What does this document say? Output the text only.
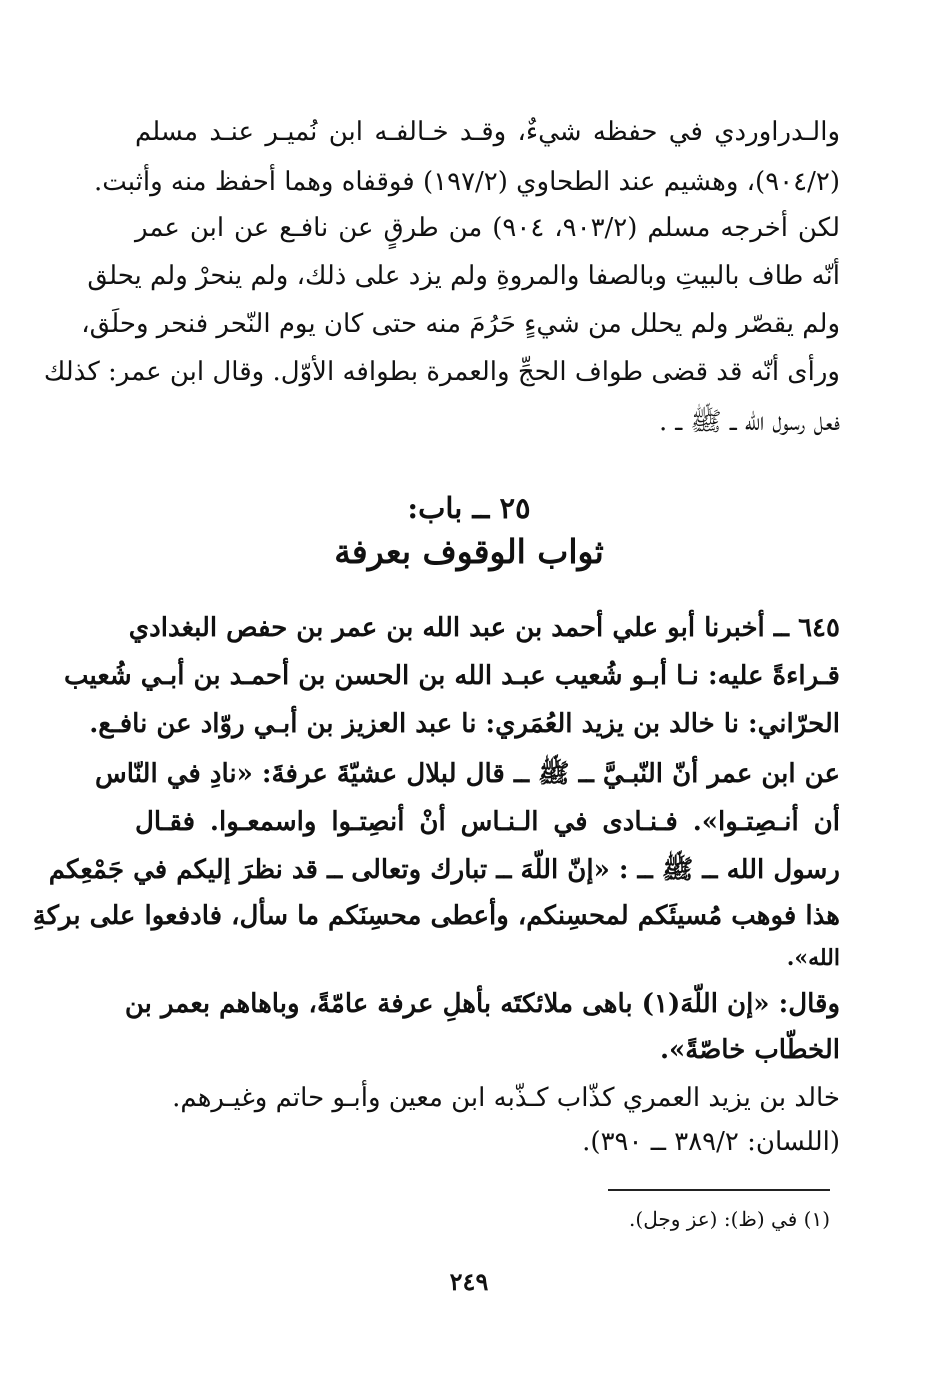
والـدراوردي في حفظه شيءٌ، وقـد خـالفـه ابن نُميـر عنـد مسلم
(٩٠٤/٢)، وهشيم عند الطحاوي (١٩٧/٢) فوقفاه وهما أحفظ منه وأثبت.
لكن أخرجه مسلم (٩٠٣/٢، ٩٠٤) من طرقٍ عن نافـع عن ابن عمر
أنّه طاف بالبيتِ وبالصفا والمروةِ ولم يزد على ذلك، ولم ينحرْ ولم يحلق
ولم يقصّر ولم يحلل من شيءٍ حَرُمَ منه حتى كان يوم النّحر فنحر وحلَق،
ورأى أنّه قد قضى طواف الحجِّ والعمرة بطوافه الأوّل. وقال ابن عمر: كذلك
فعل رسول الله ــ ﷺ ــ .
٢٥ ــ باب:
ثواب الوقوف بعرفة
٦٤٥ ــ أخبرنا أبو علي أحمد بن عبد الله بن عمر بن حفص البغدادي
قـراءةً عليه: نـا أبـو شُعيب عبـد الله بن الحسن بن أحمـد بن أبـي شُعيب
الحرّاني: نا خالد بن يزيد العُمَري: نا عبد العزيز بن أبـي روّاد عن نافـع.
عن ابن عمر أنّ النّبـيَّ ــ ﷺ ــ قال لبلال عشيّةَ عرفةَ: «نادِ في النّاس
أن أنـصِتـوا». فـنـادى في الـنـاس أنْ أنصِتـوا واسمعـوا. فقـال
رسول الله ــ ﷺ ــ : «إنّ اللّهَ ــ تبارك وتعالى ــ قد نظرَ إليكم في جَمْعِكم
هذا فوهب مُسيئَكم لمحسِنكم، وأعطى محسِنَكم ما سأل، فادفعوا على بركةِ
الله».
وقال: «إن اللّهَ(١) باهى ملائكتَه بأهلِ عرفة عامّةً، وباهاهم بعمر بن
الخطّاب خاصّةً».
خالد بن يزيد العمري كذّاب كـذّبه ابن معين وأبـو حاتم وغيـرهم.
(اللسان: ٣٨٩/٢ ــ ٣٩٠).
(١) في (ظ): (عز وجل).
٢٤٩
